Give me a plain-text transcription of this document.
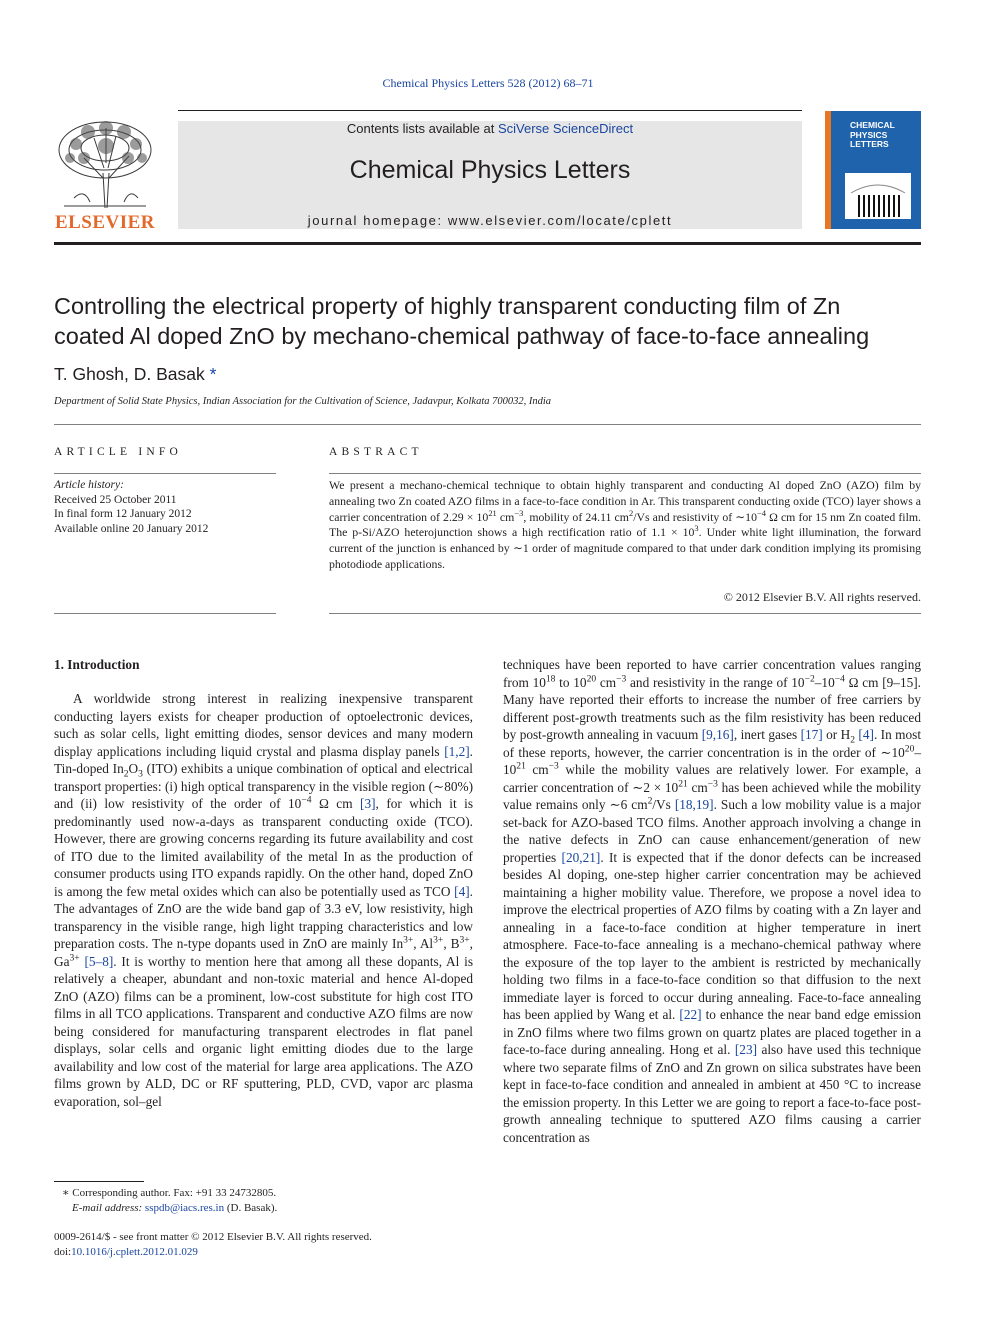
Chemical Physics Letters 528 (2012) 68–71
ELSEVIER
Contents lists available at SciVerse ScienceDirect
Chemical Physics Letters
journal homepage: www.elsevier.com/locate/cplett
CHEMICAL
PHYSICS
LETTERS
Controlling the electrical property of highly transparent conducting film of Zn
coated Al doped ZnO by mechano-chemical pathway of face-to-face annealing
T. Ghosh, D. Basak *
Department of Solid State Physics, Indian Association for the Cultivation of Science, Jadavpur, Kolkata 700032, India
ARTICLE INFO
Article history:
Received 25 October 2011
In final form 12 January 2012
Available online 20 January 2012
ABSTRACT
We present a mechano-chemical technique to obtain highly transparent and conducting Al doped ZnO (AZO) film by annealing two Zn coated AZO films in a face-to-face condition in Ar. This transparent conducting oxide (TCO) layer shows a carrier concentration of $2.29 \times 10^{21}$ $cm^{-3}$, mobility of 24.11 $cm^2/Vs$ and resistivity of $\sim 10^{-4}$ Ω cm for 15 nm Zn coated film. The p-Si/AZO heterojunction shows a high rectification ratio of $1.1 \times 10^3$. Under white light illumination, the forward current of the junction is enhanced by ∼1 order of magnitude compared to that under dark condition implying its promising photodiode applications.
© 2012 Elsevier B.V. All rights reserved.
1. Introduction

A worldwide strong interest in realizing inexpensive transparent conducting layers exists for cheaper production of optoelectronic devices, such as solar cells, light emitting diodes, sensor devices and many modern display applications including liquid crystal and plasma display panels [1,2]. Tin-doped $In_2O_3$ (ITO) exhibits a unique combination of optical and electrical transport properties: (i) high optical transparency in the visible region (∼80%) and (ii) low resistivity of the order of $10^{-4}$ Ω cm [3], for which it is predominantly used now-a-days as transparent conducting oxide (TCO). However, there are growing concerns regarding its future availability and cost of ITO due to the limited availability of the metal In as the production of consumer products using ITO expands rapidly. On the other hand, doped ZnO is among the few metal oxides which can also be potentially used as TCO [4]. The advantages of ZnO are the wide band gap of 3.3 eV, low resistivity, high transparency in the visible range, high light trapping characteristics and low preparation costs. The n-type dopants used in ZnO are mainly $In^{3+}$, $Al^{3+}$, $B^{3+}$, $Ga^{3+}$ [5–8]. It is worthy to mention here that among all these dopants, Al is relatively a cheaper, abundant and non-toxic material and hence Al-doped ZnO (AZO) films can be a prominent, low-cost substitute for high cost ITO films in all TCO applications. Transparent and conductive AZO films are now being considered for manufacturing transparent electrodes in flat panel displays, solar cells and organic light emitting diodes due to the large availability and low cost of the material for large area applications. The AZO films grown by ALD, DC or RF sputtering, PLD, CVD, vapor arc plasma evaporation, sol–gel

techniques have been reported to have carrier concentration values ranging from $10^{18}$ to $10^{20}$ $cm^{-3}$ and resistivity in the range of $10^{-2}-10^{-4}$ Ω cm [9–15]. Many have reported their efforts to increase the number of free carriers by different post-growth treatments such as the film resistivity has been reduced by post-growth annealing in vacuum [9,16], inert gases [17] or $H_2$ [4]. In most of these reports, however, the carrier concentration is in the order of $\sim 10^{20}-10^{21}$ $cm^{-3}$ while the mobility values are relatively lower. For example, a carrier concentration of ∼2 × $10^{21}$ $cm^{-3}$ has been achieved while the mobility value remains only ∼6 $cm^2/Vs$ [18,19]. Such a low mobility value is a major set-back for AZO-based TCO films. Another approach involving a change in the native defects in ZnO can cause enhancement/generation of new properties [20,21]. It is expected that if the donor defects can be increased besides Al doping, one-step higher carrier concentration may be achieved maintaining a higher mobility value. Therefore, we propose a novel idea to improve the electrical properties of AZO films by coating with a Zn layer and annealing in a face-to-face condition at higher temperature in inert atmosphere. Face-to-face annealing is a mechano-chemical pathway where the exposure of the top layer to the ambient is restricted by mechanically holding two films in a face-to-face condition so that diffusion to the next immediate layer is forced to occur during annealing. Face-to-face annealing has been applied by Wang et al. [22] to enhance the near band edge emission in ZnO films where two films grown on quartz plates are placed together in a face-to-face during annealing. Hong et al. [23] also have used this technique where two separate films of ZnO and Zn grown on silica substrates have been kept in face-to-face condition and annealed in ambient at 450 °C to increase the emission property. In this Letter we are going to report a face-to-face post-growth annealing technique to sputtered AZO films causing a carrier concentration as

∗ Corresponding author. Fax: +91 33 24732805.
E-mail address: sspdb@iacs.res.in (D. Basak).
0009-2614/$ - see front matter © 2012 Elsevier B.V. All rights reserved.
doi:10.1016/j.cplett.2012.01.029
